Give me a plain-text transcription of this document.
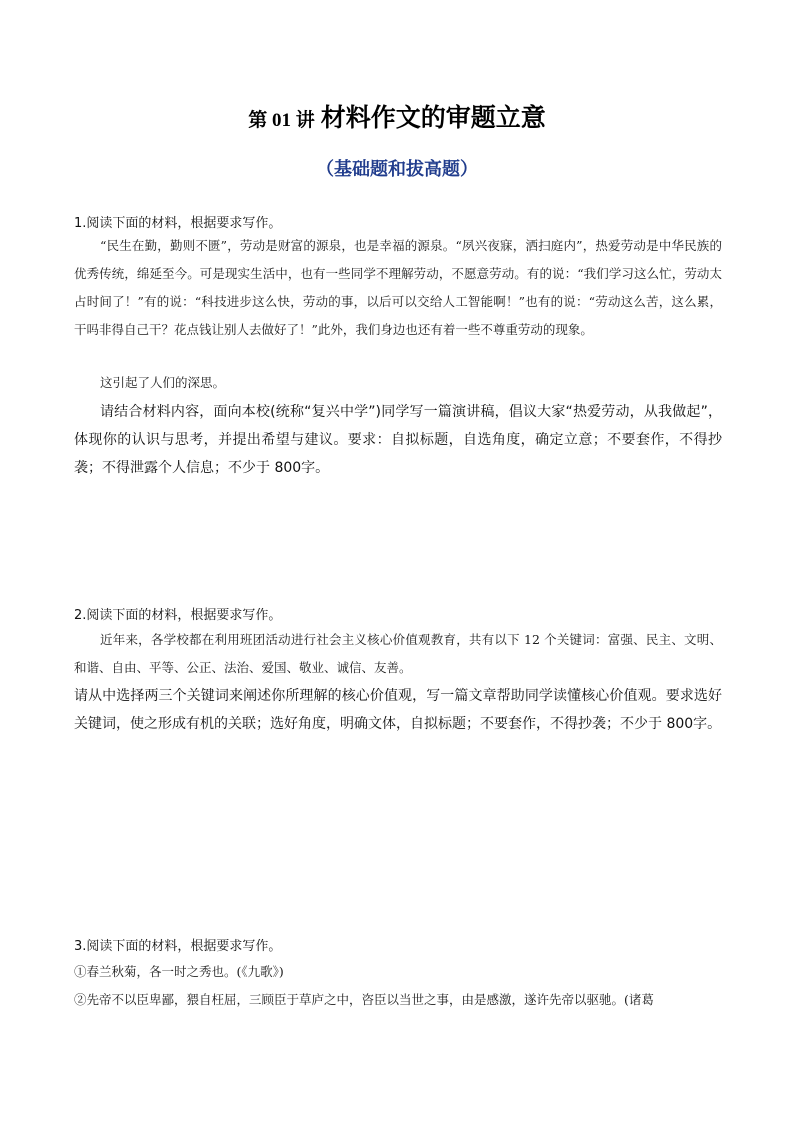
第 01 讲 材料作文的审题立意
（基础题和拔高题）
1.阅读下面的材料，根据要求写作。
“民生在勤，勤则不匮”，劳动是财富的源泉，也是幸福的源泉。“夙兴夜寐，洒扫庭内”，热爱劳动是中华民族的优秀传统，绵延至今。可是现实生活中，也有一些同学不理解劳动，不愿意劳动。有的说：“我们学习这么忙，劳动太占时间了！”有的说：“科技进步这么快，劳动的事，以后可以交给人工智能啊！”也有的说：“劳动这么苦，这么累，干吗非得自己干？花点钱让别人去做好了！”此外，我们身边也还有着一些不尊重劳动的现象。
这引起了人们的深思。
请结合材料内容，面向本校(统称“复兴中学”)同学写一篇演讲稿，倡议大家“热爱劳动，从我做起”，体现你的认识与思考，并提出希望与建议。要求：自拟标题，自选角度，确定立意；不要套作，不得抄袭；不得泄露个人信息；不少于 800字。
2.阅读下面的材料，根据要求写作。
近年来，各学校都在利用班团活动进行社会主义核心价值观教育，共有以下 12 个关键词：富强、民主、文明、和谐、自由、平等、公正、法治、爱国、敬业、诚信、友善。
请从中选择两三个关键词来阐述你所理解的核心价值观，写一篇文章帮助同学读懂核心价值观。要求选好关键词，使之形成有机的关联；选好角度，明确文体，自拟标题；不要套作，不得抄袭；不少于 800字。
3.阅读下面的材料，根据要求写作。
①春兰秋菊，各一时之秀也。(《九歌》)
②先帝不以臣卑鄙，猥自枉屈，三顾臣于草庐之中，咨臣以当世之事，由是感激，遂许先帝以驱驰。(诸葛
